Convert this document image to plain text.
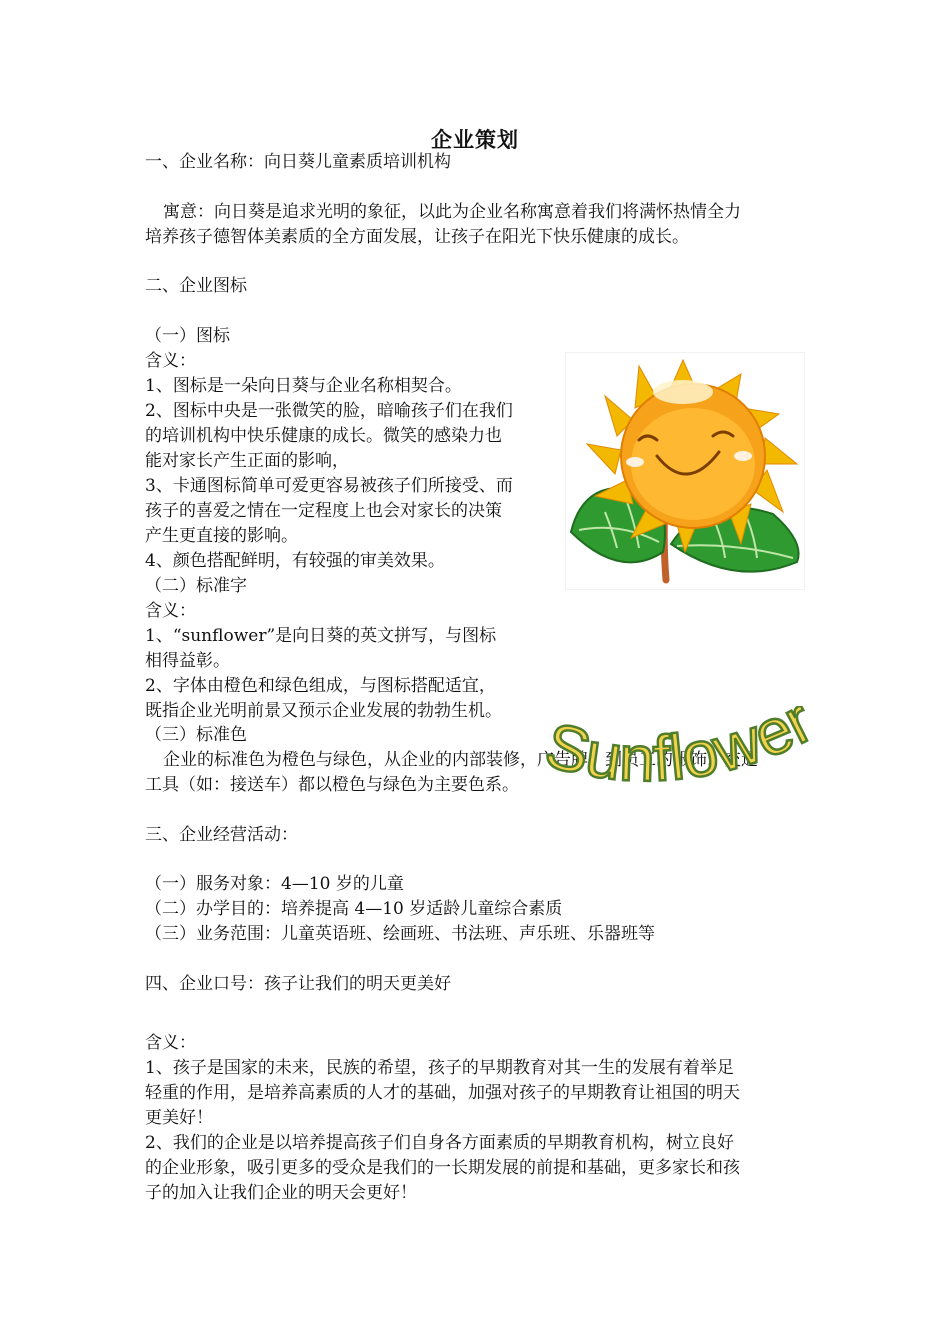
企业策划
一、企业名称：向日葵儿童素质培训机构
寓意：向日葵是追求光明的象征，以此为企业名称寓意着我们将满怀热情全力
培养孩子德智体美素质的全方面发展，让孩子在阳光下快乐健康的成长。
二、企业图标
（一）图标
含义：
1、图标是一朵向日葵与企业名称相契合。
2、图标中央是一张微笑的脸，暗喻孩子们在我们
的培训机构中快乐健康的成长。微笑的感染力也
能对家长产生正面的影响，
3、卡通图标简单可爱更容易被孩子们所接受、而
孩子的喜爱之情在一定程度上也会对家长的决策
产生更直接的影响。
4、颜色搭配鲜明，有较强的审美效果。
（二）标准字
含义：
1、“sunflower”是向日葵的英文拼写，与图标
相得益彰。
2、字体由橙色和绿色组成，与图标搭配适宜，
既指企业光明前景又预示企业发展的勃勃生机。
（三）标准色
企业的标准色为橙色与绿色，从企业的内部装修，广告牌，到员工的服饰，交通
工具（如：接送车）都以橙色与绿色为主要色系。
三、企业经营活动：
（一）服务对象：4—10 岁的儿童
（二）办学目的：培养提高 4—10 岁适龄儿童综合素质
（三）业务范围：儿童英语班、绘画班、书法班、声乐班、乐器班等
四、企业口号：孩子让我们的明天更美好
含义：
1、孩子是国家的未来，民族的希望，孩子的早期教育对其一生的发展有着举足
轻重的作用，是培养高素质的人才的基础，加强对孩子的早期教育让祖国的明天
更美好！
2、我们的企业是以培养提高孩子们自身各方面素质的早期教育机构，树立良好
的企业形象，吸引更多的受众是我们的一长期发展的前提和基础，更多家长和孩
子的加入让我们企业的明天会更好！
Sunflower
